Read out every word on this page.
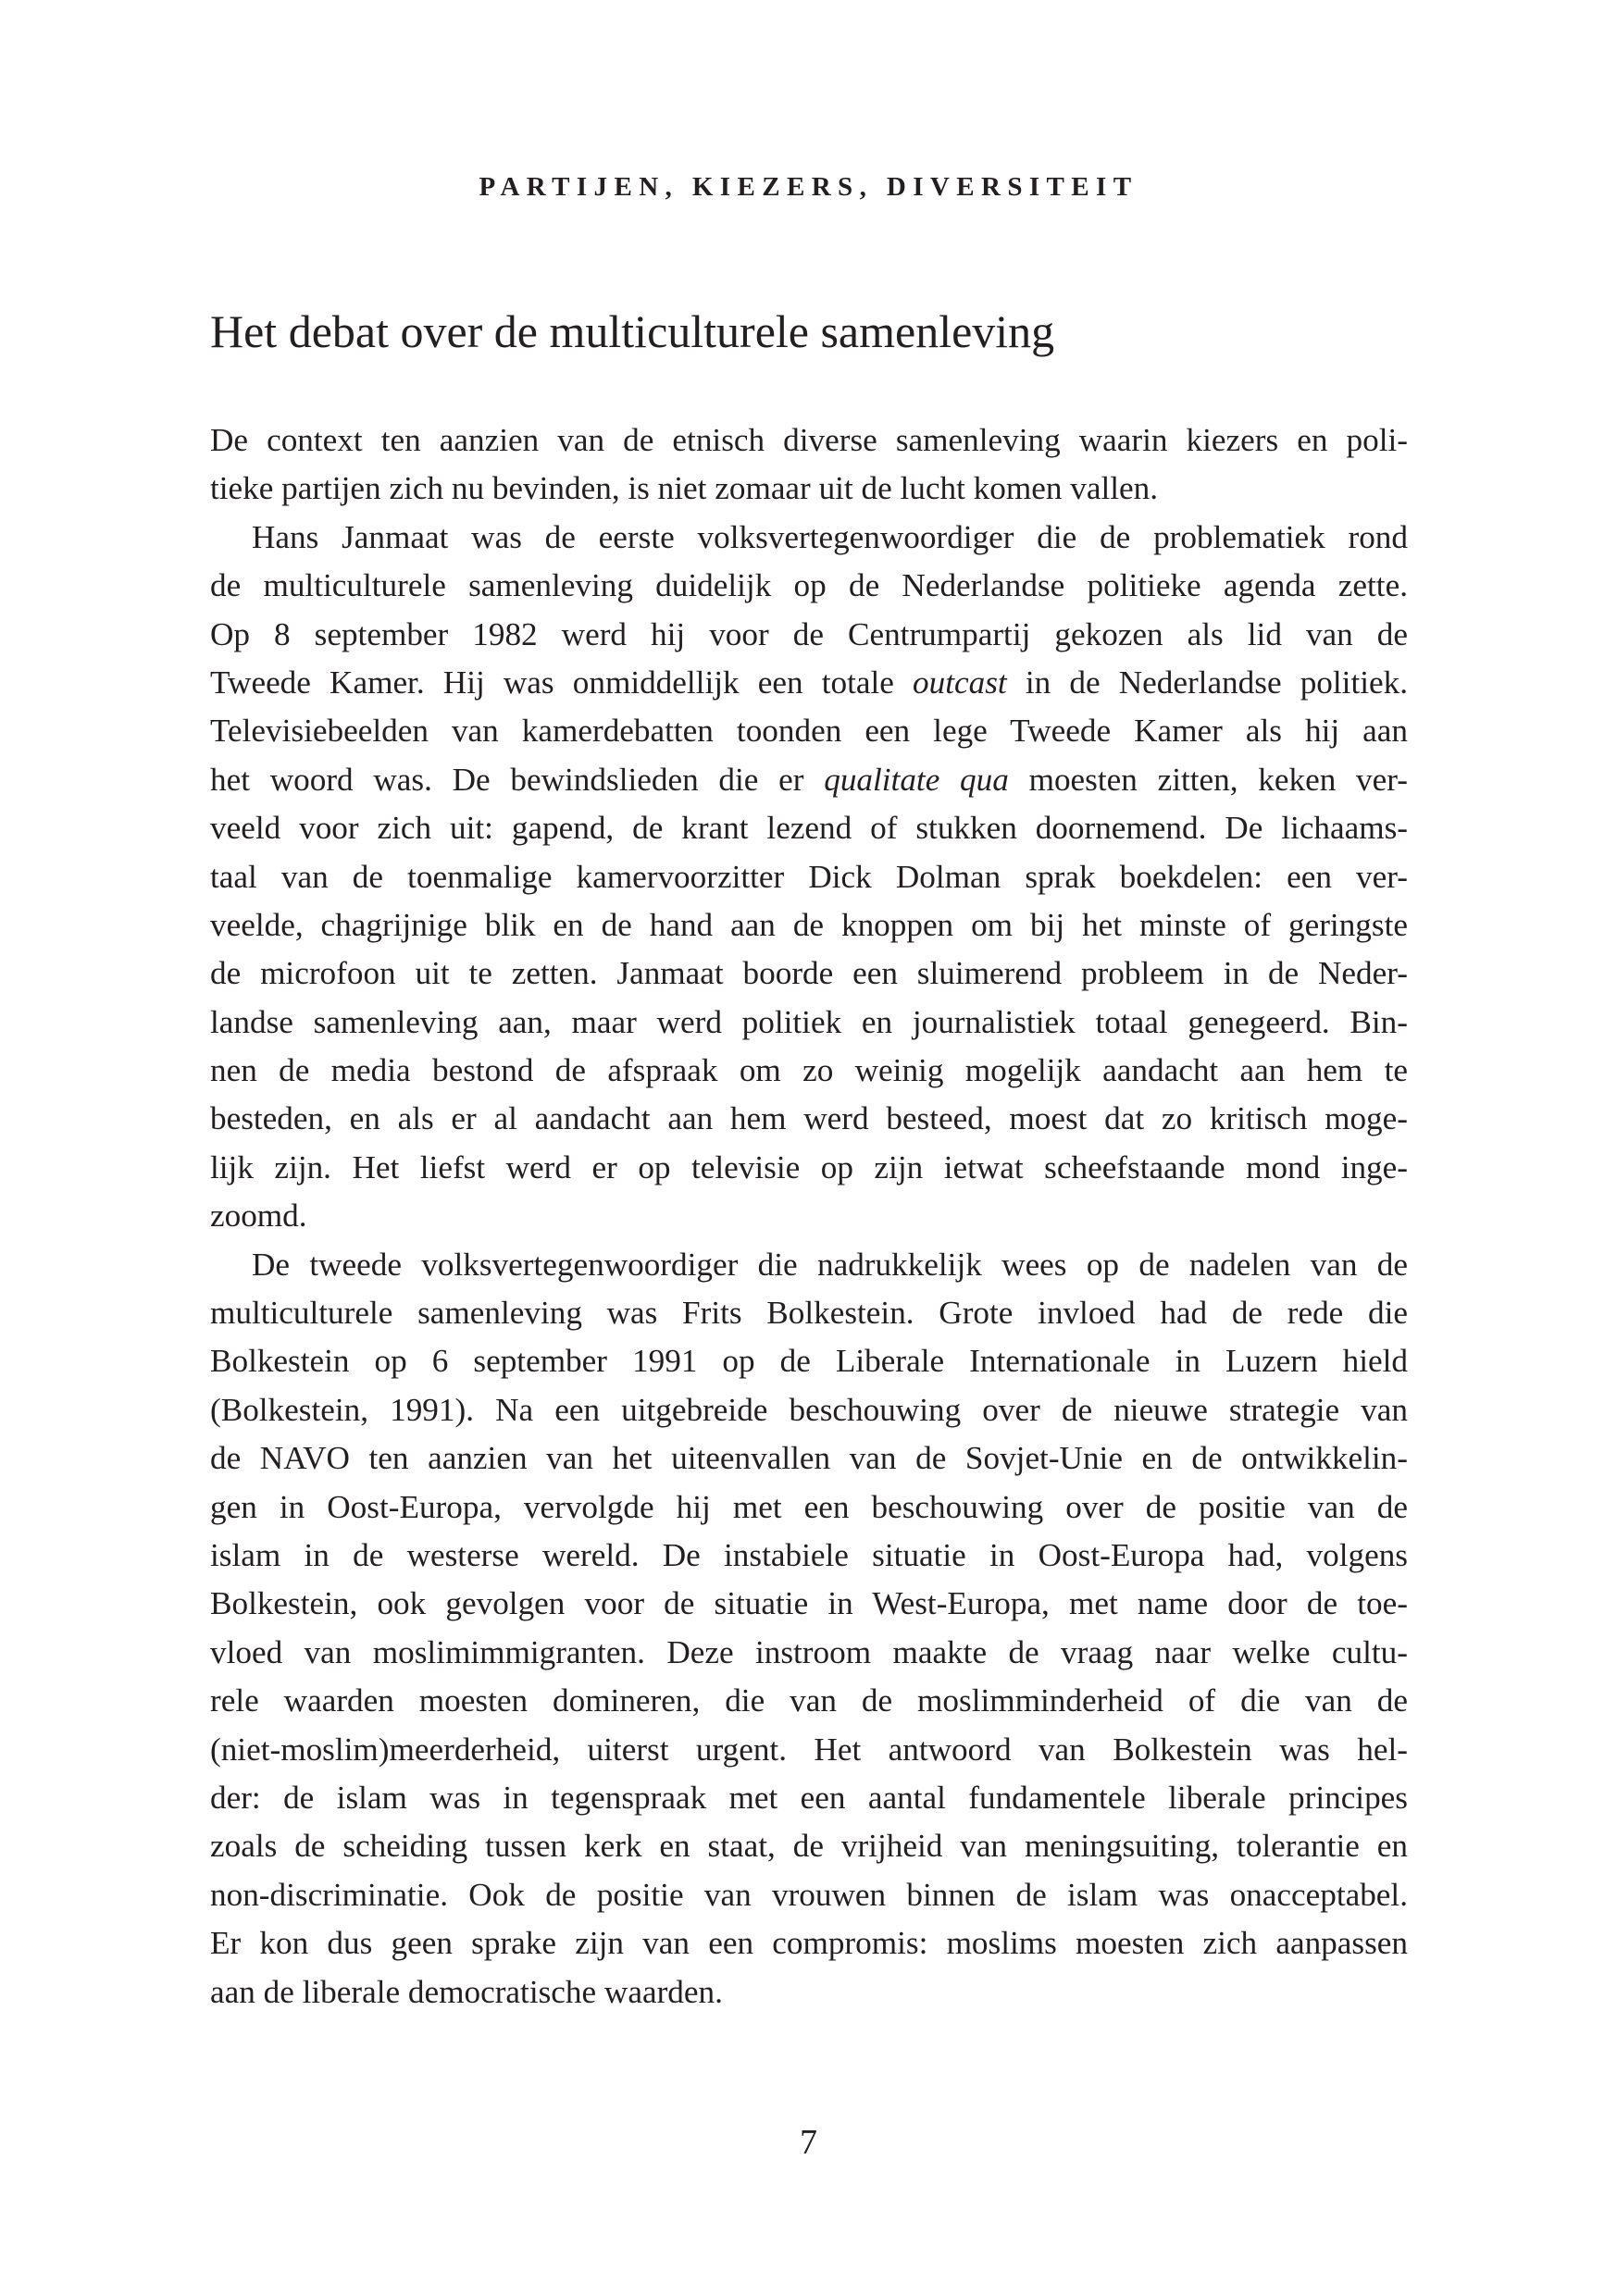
PARTIJEN, KIEZERS, DIVERSITEIT
Het debat over de multiculturele samenleving
De context ten aanzien van de etnisch diverse samenleving waarin kiezers en poli-
tieke partijen zich nu bevinden, is niet zomaar uit de lucht komen vallen.
Hans Janmaat was de eerste volksvertegenwoordiger die de problematiek rond
de multiculturele samenleving duidelijk op de Nederlandse politieke agenda zette.
Op 8 september 1982 werd hij voor de Centrumpartij gekozen als lid van de
Tweede Kamer. Hij was onmiddellijk een totale outcast in de Nederlandse politiek.
Televisiebeelden van kamerdebatten toonden een lege Tweede Kamer als hij aan
het woord was. De bewindslieden die er qualitate qua moesten zitten, keken ver-
veeld voor zich uit: gapend, de krant lezend of stukken doornemend. De lichaams-
taal van de toenmalige kamervoorzitter Dick Dolman sprak boekdelen: een ver-
veelde, chagrijnige blik en de hand aan de knoppen om bij het minste of geringste
de microfoon uit te zetten. Janmaat boorde een sluimerend probleem in de Neder-
landse samenleving aan, maar werd politiek en journalistiek totaal genegeerd. Bin-
nen de media bestond de afspraak om zo weinig mogelijk aandacht aan hem te
besteden, en als er al aandacht aan hem werd besteed, moest dat zo kritisch moge-
lijk zijn. Het liefst werd er op televisie op zijn ietwat scheefstaande mond inge-
zoomd.
De tweede volksvertegenwoordiger die nadrukkelijk wees op de nadelen van de
multiculturele samenleving was Frits Bolkestein. Grote invloed had de rede die
Bolkestein op 6 september 1991 op de Liberale Internationale in Luzern hield
(Bolkestein, 1991). Na een uitgebreide beschouwing over de nieuwe strategie van
de NAVO ten aanzien van het uiteenvallen van de Sovjet-Unie en de ontwikkelin-
gen in Oost-Europa, vervolgde hij met een beschouwing over de positie van de
islam in de westerse wereld. De instabiele situatie in Oost-Europa had, volgens
Bolkestein, ook gevolgen voor de situatie in West-Europa, met name door de toe-
vloed van moslimimmigranten. Deze instroom maakte de vraag naar welke cultu-
rele waarden moesten domineren, die van de moslimminderheid of die van de
(niet-moslim)meerderheid, uiterst urgent. Het antwoord van Bolkestein was hel-
der: de islam was in tegenspraak met een aantal fundamentele liberale principes
zoals de scheiding tussen kerk en staat, de vrijheid van meningsuiting, tolerantie en
non-discriminatie. Ook de positie van vrouwen binnen de islam was onacceptabel.
Er kon dus geen sprake zijn van een compromis: moslims moesten zich aanpassen
aan de liberale democratische waarden.
7
